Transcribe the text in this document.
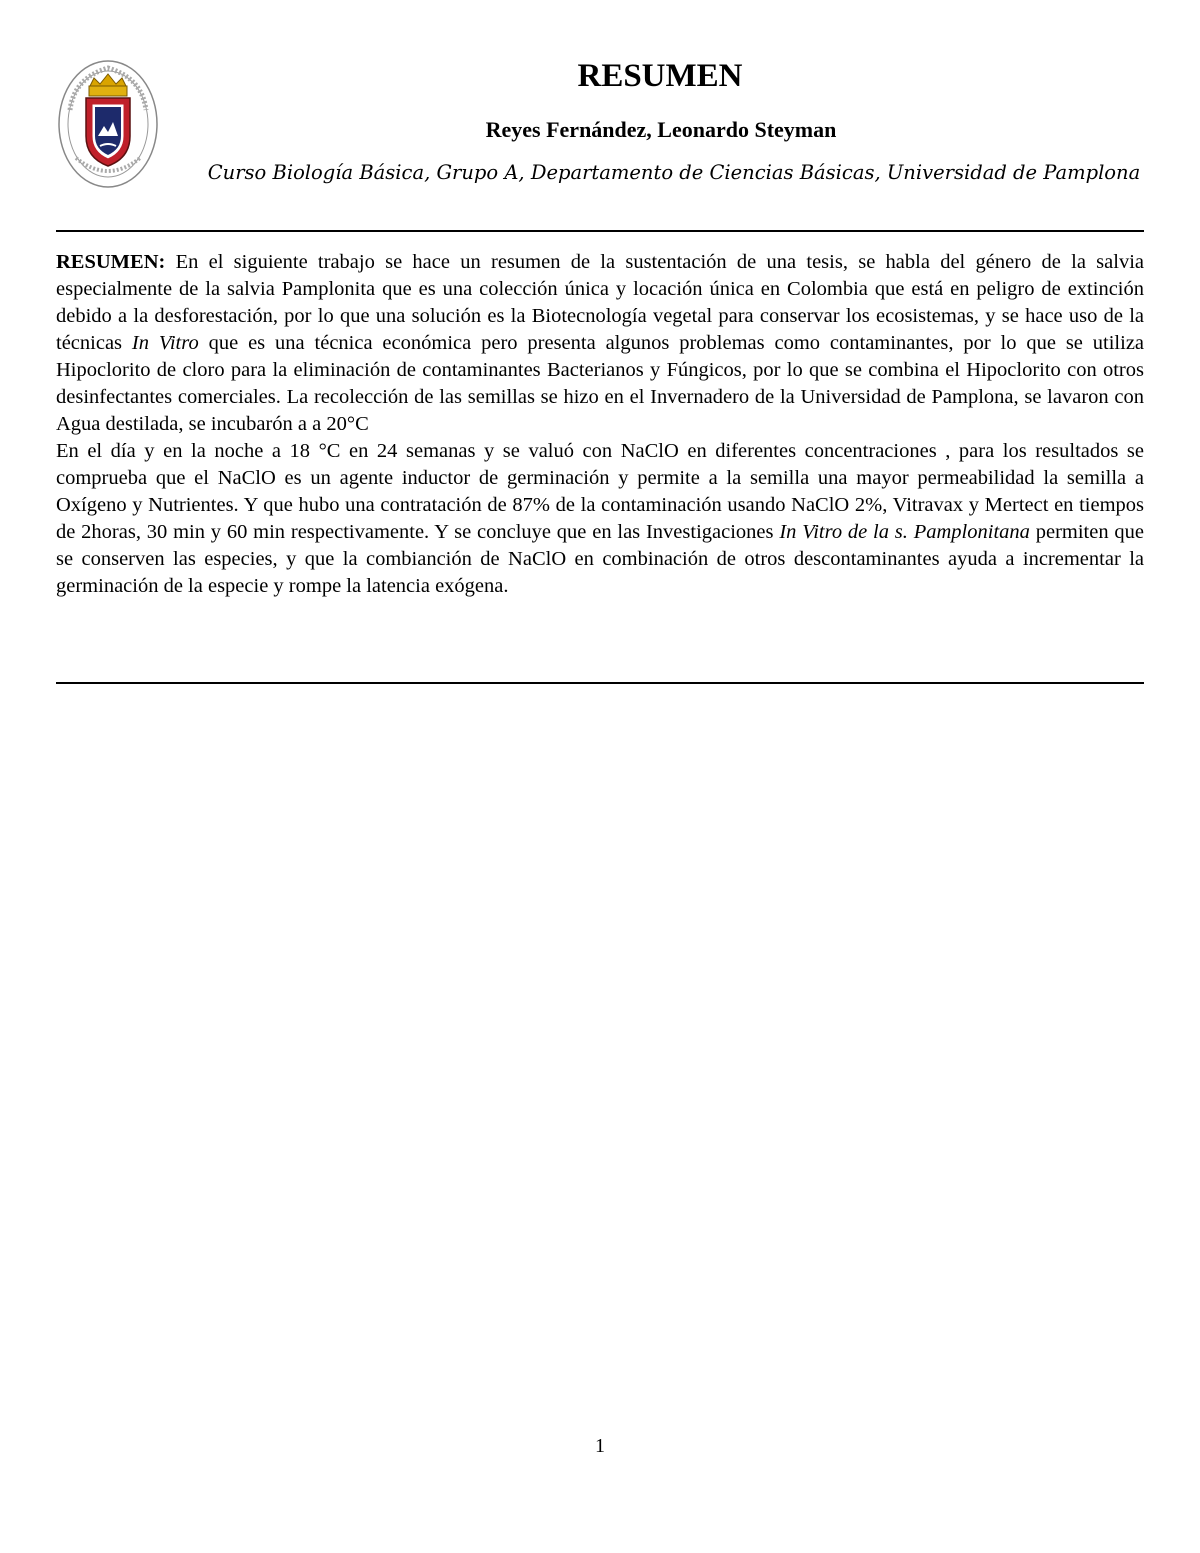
RESUMEN
Reyes Fernández, Leonardo Steyman
Curso Biología Básica, Grupo A, Departamento de Ciencias Básicas, Universidad de Pamplona

RESUMEN: En el siguiente trabajo se hace un resumen de la sustentación de una tesis, se habla del género de la salvia especialmente de la salvia Pamplonita que es una colección única y locación única en Colombia que está en peligro de extinción debido a la desforestación, por lo que una solución es la Biotecnología vegetal para conservar los ecosistemas, y se hace uso de la técnicas In Vitro que es una técnica económica pero presenta algunos problemas como contaminantes, por lo que se utiliza Hipoclorito de cloro para la eliminación de contaminantes Bacterianos y Fúngicos, por lo que se combina el Hipoclorito con otros desinfectantes comerciales. La recolección de las semillas se hizo en el Invernadero de la Universidad de Pamplona, se lavaron con Agua destilada, se incubarón a a 20°C

En el día y en la noche a 18 °C en 24 semanas y se valuó con NaClO en diferentes concentraciones , para los resultados se comprueba que el NaClO es un agente inductor de germinación y permite a la semilla una mayor permeabilidad la semilla a Oxígeno y Nutrientes. Y que hubo una contratación de 87% de la contaminación usando NaClO 2%, Vitravax y Mertect en tiempos de 2horas, 30 min y 60 min respectivamente. Y se concluye que en las Investigaciones In Vitro de la s. Pamplonitana permiten que se conserven las especies, y que la combianción de NaClO en combinación de otros descontaminantes ayuda a incrementar la germinación de la especie y rompe la latencia exógena.

1
